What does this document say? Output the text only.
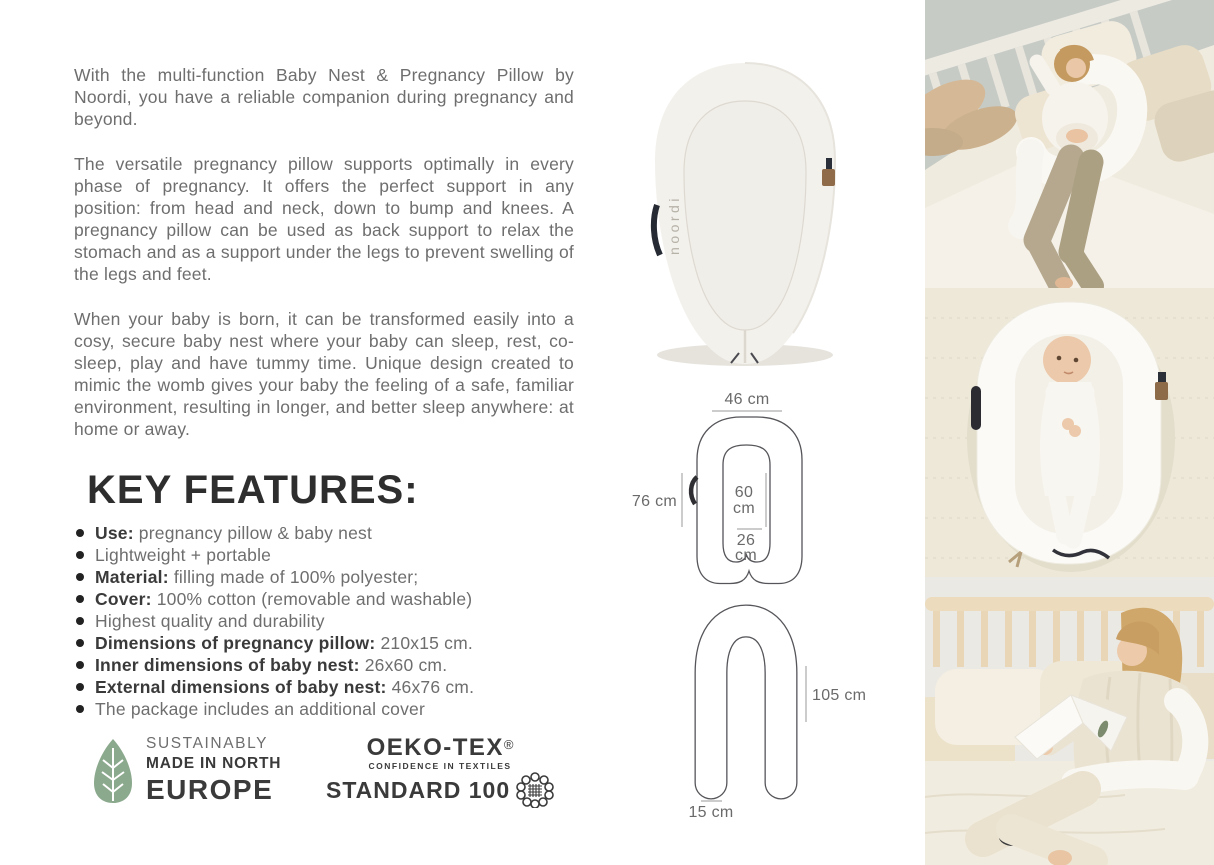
With the multi-function Baby Nest & Pregnancy Pillow by Noordi, you have a reliable companion during pregnancy and beyond.

The versatile pregnancy pillow supports optimally in every phase of pregnancy. It offers the perfect support in any position: from head and neck, down to bump and knees. A pregnancy pillow can be used as back support to relax the stomach and as a support under the legs to prevent swelling of the legs and feet.

When your baby is born, it can be transformed easily into a cosy, secure baby nest where your baby can sleep, rest, co-sleep, play and have tummy time. Unique design created to mimic the womb gives your baby the feeling of a safe, familiar environment, resulting in longer, and better sleep anywhere: at home or away.

KEY FEATURES:
Use: pregnancy pillow & baby nest
Lightweight + portable
Material: filling made of 100% polyester;
Cover: 100% cotton (removable and washable)
Highest quality and durability
Dimensions of pregnancy pillow: 210x15 cm.
Inner dimensions of baby nest: 26x60 cm.
External dimensions of baby nest: 46x76 cm.
The package includes an additional cover
SUSTAINABLY
MADE IN NORTH
EUROPE
OEKO-TEX®
CONFIDENCE IN TEXTILES
STANDARD 100
noordi
46 cm
76 cm
60
cm
26
cm
105 cm
15 cm
